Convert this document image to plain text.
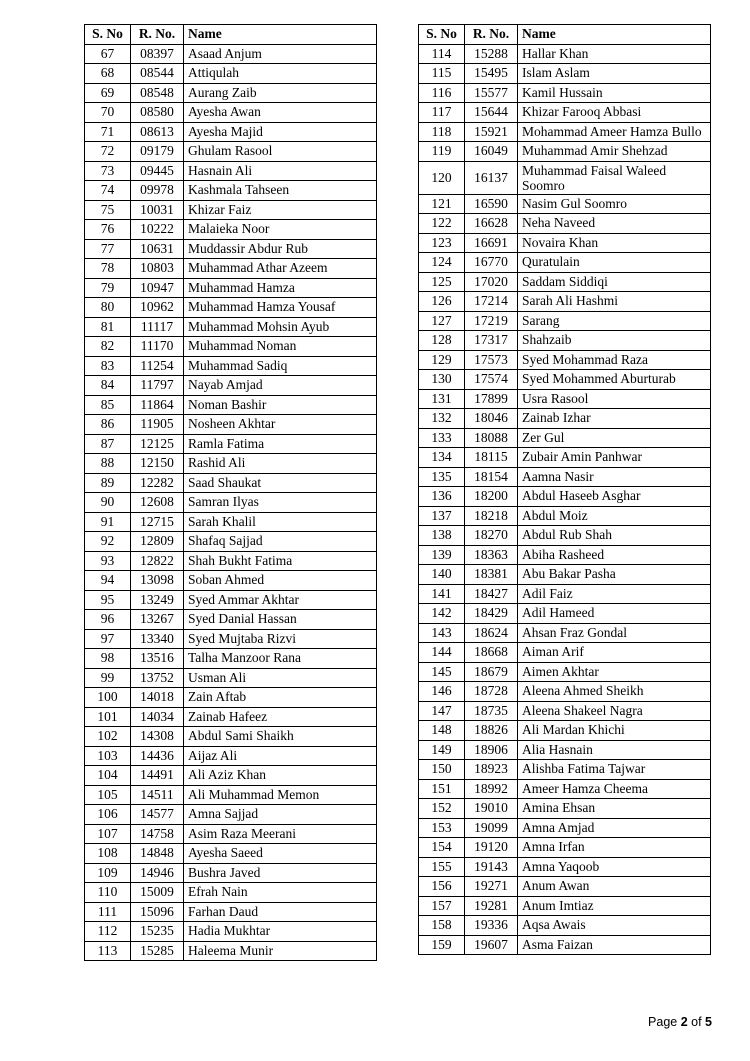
S. No	R. No.	Name
67	08397	Asaad Anjum
68	08544	Attiqulah
69	08548	Aurang Zaib
70	08580	Ayesha Awan
71	08613	Ayesha Majid
72	09179	Ghulam Rasool
73	09445	Hasnain Ali
74	09978	Kashmala Tahseen
75	10031	Khizar Faiz
76	10222	Malaieka Noor
77	10631	Muddassir Abdur Rub
78	10803	Muhammad Athar Azeem
79	10947	Muhammad Hamza
80	10962	Muhammad Hamza Yousaf
81	11117	Muhammad Mohsin Ayub
82	11170	Muhammad Noman
83	11254	Muhammad Sadiq
84	11797	Nayab Amjad
85	11864	Noman Bashir
86	11905	Nosheen Akhtar
87	12125	Ramla Fatima
88	12150	Rashid Ali
89	12282	Saad Shaukat
90	12608	Samran Ilyas
91	12715	Sarah Khalil
92	12809	Shafaq Sajjad
93	12822	Shah Bukht Fatima
94	13098	Soban Ahmed
95	13249	Syed Ammar Akhtar
96	13267	Syed Danial Hassan
97	13340	Syed Mujtaba Rizvi
98	13516	Talha Manzoor Rana
99	13752	Usman Ali
100	14018	Zain Aftab
101	14034	Zainab Hafeez
102	14308	Abdul Sami Shaikh
103	14436	Aijaz Ali
104	14491	Ali Aziz Khan
105	14511	Ali Muhammad Memon
106	14577	Amna Sajjad
107	14758	Asim Raza Meerani
108	14848	Ayesha Saeed
109	14946	Bushra Javed
110	15009	Efrah Nain
111	15096	Farhan Daud
112	15235	Hadia Mukhtar
113	15285	Haleema Munir
S. No	R. No.	Name
114	15288	Hallar Khan
115	15495	Islam Aslam
116	15577	Kamil Hussain
117	15644	Khizar Farooq Abbasi
118	15921	Mohammad Ameer Hamza Bullo
119	16049	Muhammad Amir Shehzad
120	16137	Muhammad Faisal Waleed Soomro
121	16590	Nasim Gul Soomro
122	16628	Neha Naveed
123	16691	Novaira Khan
124	16770	Quratulain
125	17020	Saddam Siddiqi
126	17214	Sarah Ali Hashmi
127	17219	Sarang
128	17317	Shahzaib
129	17573	Syed Mohammad Raza
130	17574	Syed Mohammed Aburturab
131	17899	Usra Rasool
132	18046	Zainab Izhar
133	18088	Zer Gul
134	18115	Zubair Amin Panhwar
135	18154	Aamna Nasir
136	18200	Abdul Haseeb Asghar
137	18218	Abdul Moiz
138	18270	Abdul Rub Shah
139	18363	Abiha Rasheed
140	18381	Abu Bakar Pasha
141	18427	Adil Faiz
142	18429	Adil Hameed
143	18624	Ahsan Fraz Gondal
144	18668	Aiman Arif
145	18679	Aimen Akhtar
146	18728	Aleena Ahmed Sheikh
147	18735	Aleena Shakeel Nagra
148	18826	Ali Mardan Khichi
149	18906	Alia Hasnain
150	18923	Alishba Fatima Tajwar
151	18992	Ameer Hamza Cheema
152	19010	Amina Ehsan
153	19099	Amna Amjad
154	19120	Amna Irfan
155	19143	Amna Yaqoob
156	19271	Anum Awan
157	19281	Anum Imtiaz
158	19336	Aqsa Awais
159	19607	Asma Faizan
Page 2 of 5
